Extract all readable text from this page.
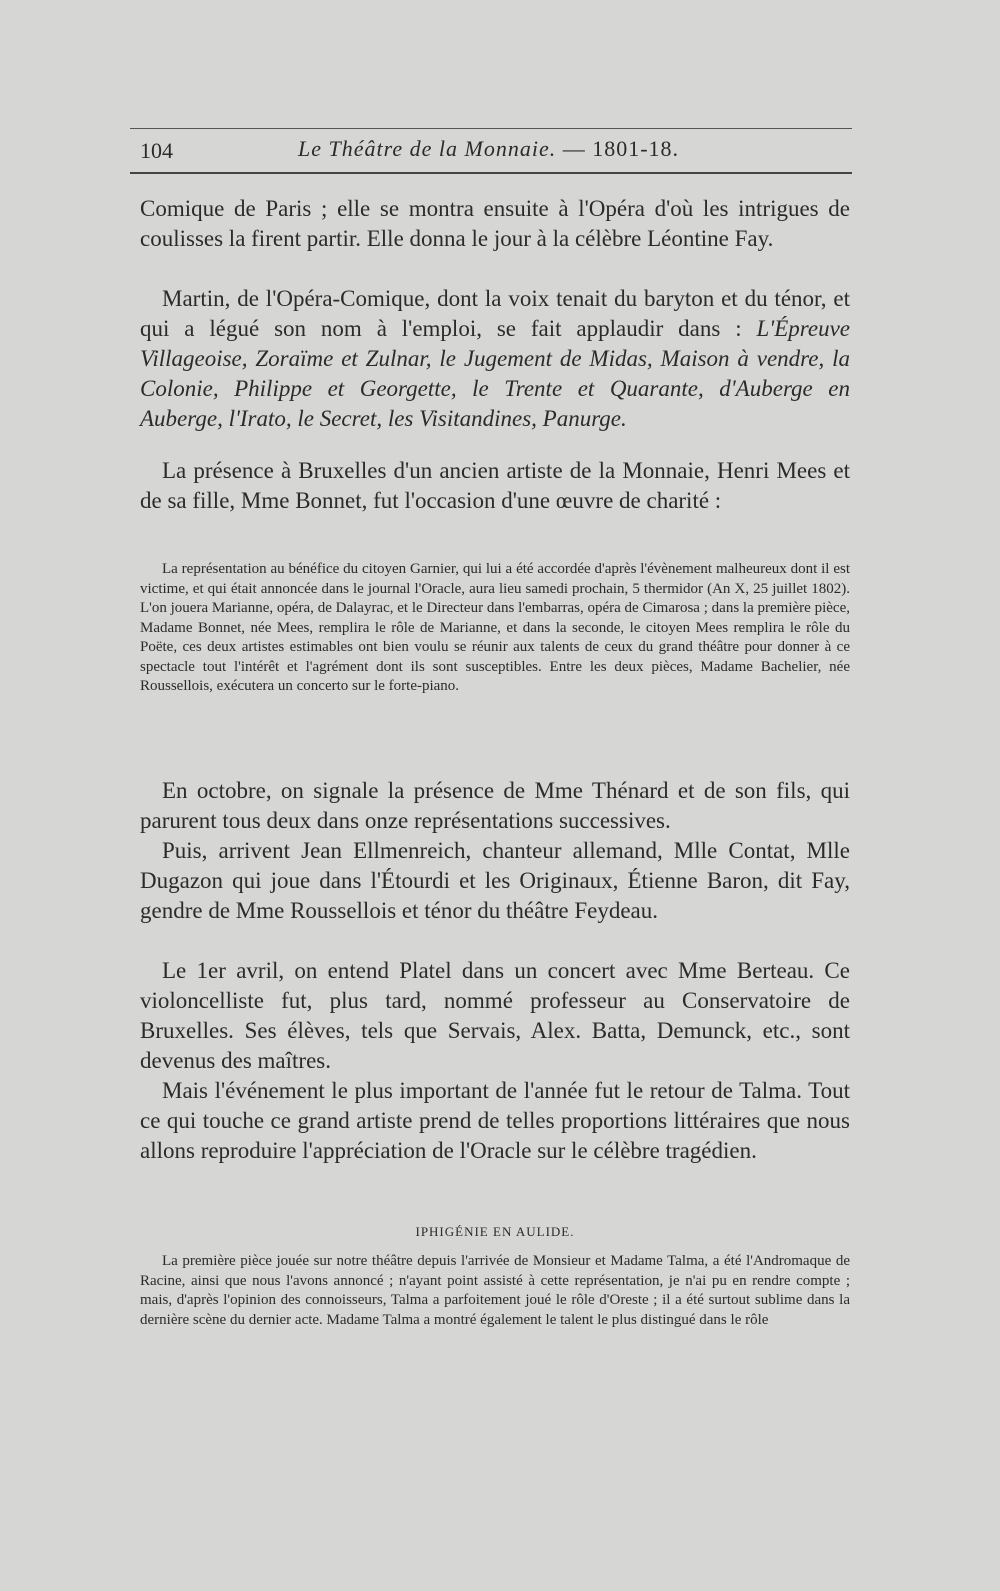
104	Le Théâtre de la Monnaie. — 1801-18.

Comique de Paris ; elle se montra ensuite à l'Opéra d'où les intrigues de coulisses la firent partir. Elle donna le jour à la célèbre Léontine Fay.

Martin, de l'Opéra-Comique, dont la voix tenait du baryton et du ténor, et qui a légué son nom à l'emploi, se fait applaudir dans : L'Épreuve Villageoise, Zoraïme et Zulnar, le Jugement de Midas, Maison à vendre, la Colonie, Philippe et Georgette, le Trente et Quarante, d'Auberge en Auberge, l'Irato, le Secret, les Visitandines, Panurge.

La présence à Bruxelles d'un ancien artiste de la Monnaie, Henri Mees et de sa fille, Mme Bonnet, fut l'occasion d'une œuvre de charité :

La représentation au bénéfice du citoyen Garnier, qui lui a été accordée d'après l'évènement malheureux dont il est victime, et qui était annoncée dans le journal l'Oracle, aura lieu samedi prochain, 5 thermidor (An X, 25 juillet 1802). L'on jouera Marianne, opéra, de Dalayrac, et le Directeur dans l'embarras, opéra de Cimarosa ; dans la première pièce, Madame Bonnet, née Mees, remplira le rôle de Marianne, et dans la seconde, le citoyen Mees remplira le rôle du Poëte, ces deux artistes estimables ont bien voulu se réunir aux talents de ceux du grand théâtre pour donner à ce spectacle tout l'intérêt et l'agrément dont ils sont susceptibles. Entre les deux pièces, Madame Bachelier, née Roussellois, exécutera un concerto sur le forte-piano.

En octobre, on signale la présence de Mme Thénard et de son fils, qui parurent tous deux dans onze représentations successives.

Puis, arrivent Jean Ellmenreich, chanteur allemand, Mlle Contat, Mlle Dugazon qui joue dans l'Étourdi et les Originaux, Étienne Baron, dit Fay, gendre de Mme Roussellois et ténor du théâtre Feydeau.

Le 1er avril, on entend Platel dans un concert avec Mme Berteau. Ce violoncelliste fut, plus tard, nommé professeur au Conservatoire de Bruxelles. Ses élèves, tels que Servais, Alex. Batta, Demunck, etc., sont devenus des maîtres.

Mais l'événement le plus important de l'année fut le retour de Talma. Tout ce qui touche ce grand artiste prend de telles proportions littéraires que nous allons reproduire l'appréciation de l'Oracle sur le célèbre tragédien.

IPHIGÉNIE EN AULIDE.

La première pièce jouée sur notre théâtre depuis l'arrivée de Monsieur et Madame Talma, a été l'Andromaque de Racine, ainsi que nous l'avons annoncé ; n'ayant point assisté à cette représentation, je n'ai pu en rendre compte ; mais, d'après l'opinion des connoisseurs, Talma a parfoitement joué le rôle d'Oreste ; il a été surtout sublime dans la dernière scène du dernier acte. Madame Talma a montré également le talent le plus distingué dans le rôle
